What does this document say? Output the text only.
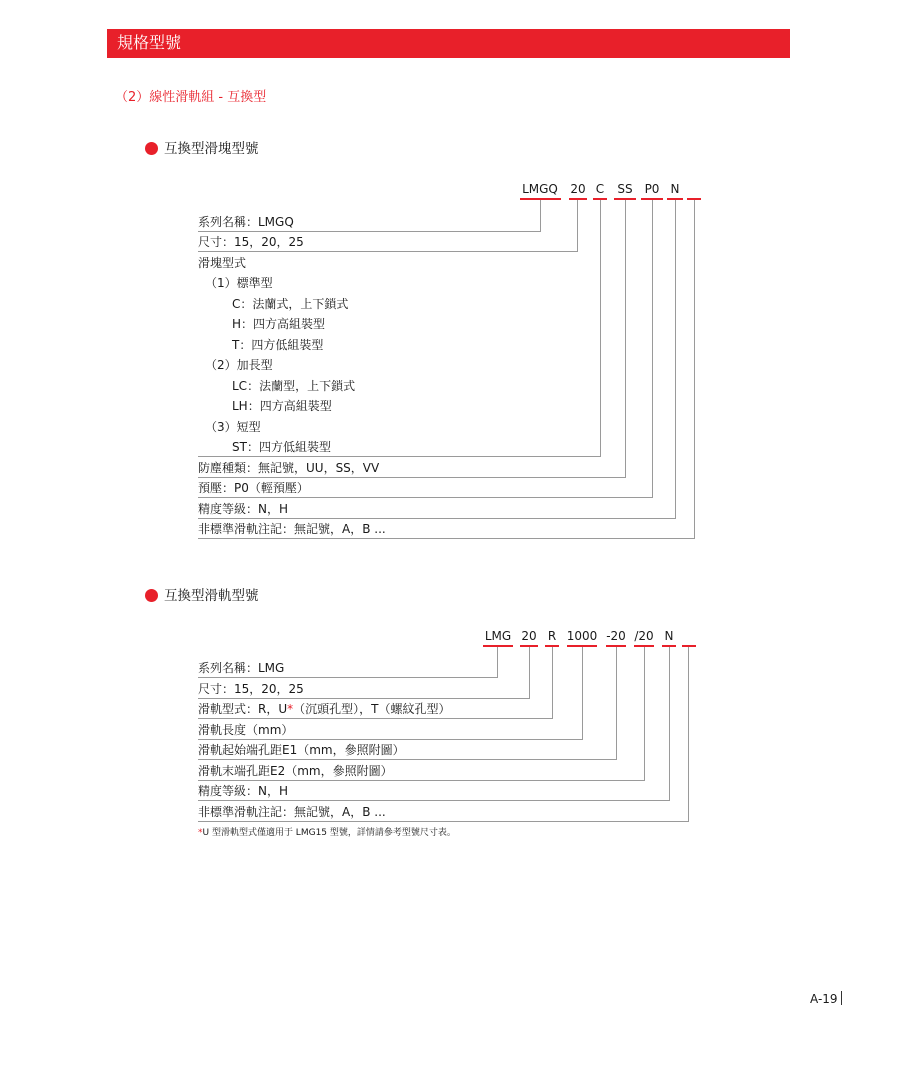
規格型號
（2）線性滑軌組 - 互換型
互換型滑塊型號
LMGQ 20 C	SS P0 N
系列名稱：LMGQ
尺寸：15，20，25
滑塊型式
（1）標準型
C：法蘭式，上下鎖式
H：四方高組裝型
T：四方低組裝型
（2）加長型
LC：法蘭型，上下鎖式
LH：四方高組裝型
（3）短型
ST：四方低組裝型
防塵種類：無記號，UU，SS，VV
預壓：P0（輕預壓）
精度等級：N，H
非標準滑軌注記：無記號，A，B ...
互換型滑軌型號
LMG 20 R 1000 -20 /20 N
系列名稱：LMG
尺寸：15，20，25
滑軌型式：R，U*（沉頭孔型），T（螺紋孔型）
滑軌長度（mm）
滑軌起始端孔距E1（mm，參照附圖）
滑軌末端孔距E2（mm，參照附圖）
精度等級：N，H
非標準滑軌注記：無記號，A，B ...
*U 型滑軌型式僅適用于 LMG15 型號，詳情請參考型號尺寸表。
A-19
